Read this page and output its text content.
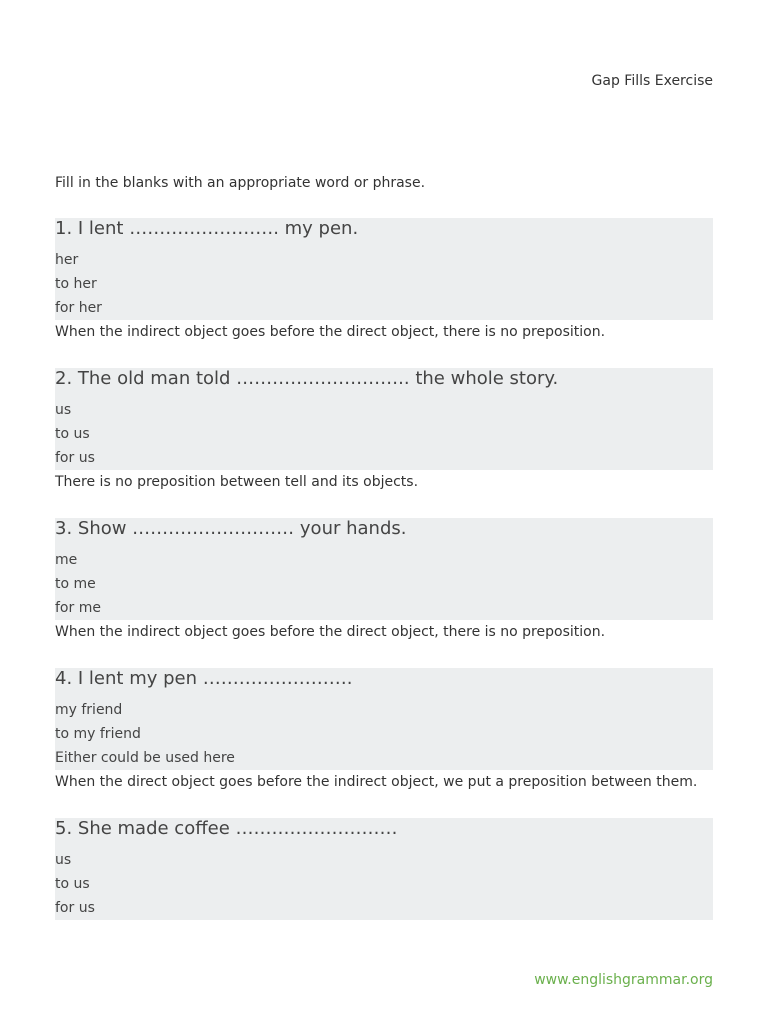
Gap Fills Exercise
Fill in the blanks with an appropriate word or phrase.
1. I lent ……………………. my pen.
her
to her
for her
When the indirect object goes before the direct object, there is no preposition.
2. The old man told ……………………….. the whole story.
us
to us
for us
There is no preposition between tell and its objects.
3. Show ……………………… your hands.
me
to me
for me
When the indirect object goes before the direct object, there is no preposition.
4. I lent my pen …………………….
my friend
to my friend
Either could be used here
When the direct object goes before the indirect object, we put a preposition between them.
5. She made coffee ………………………
us
to us
for us
www.englishgrammar.org
